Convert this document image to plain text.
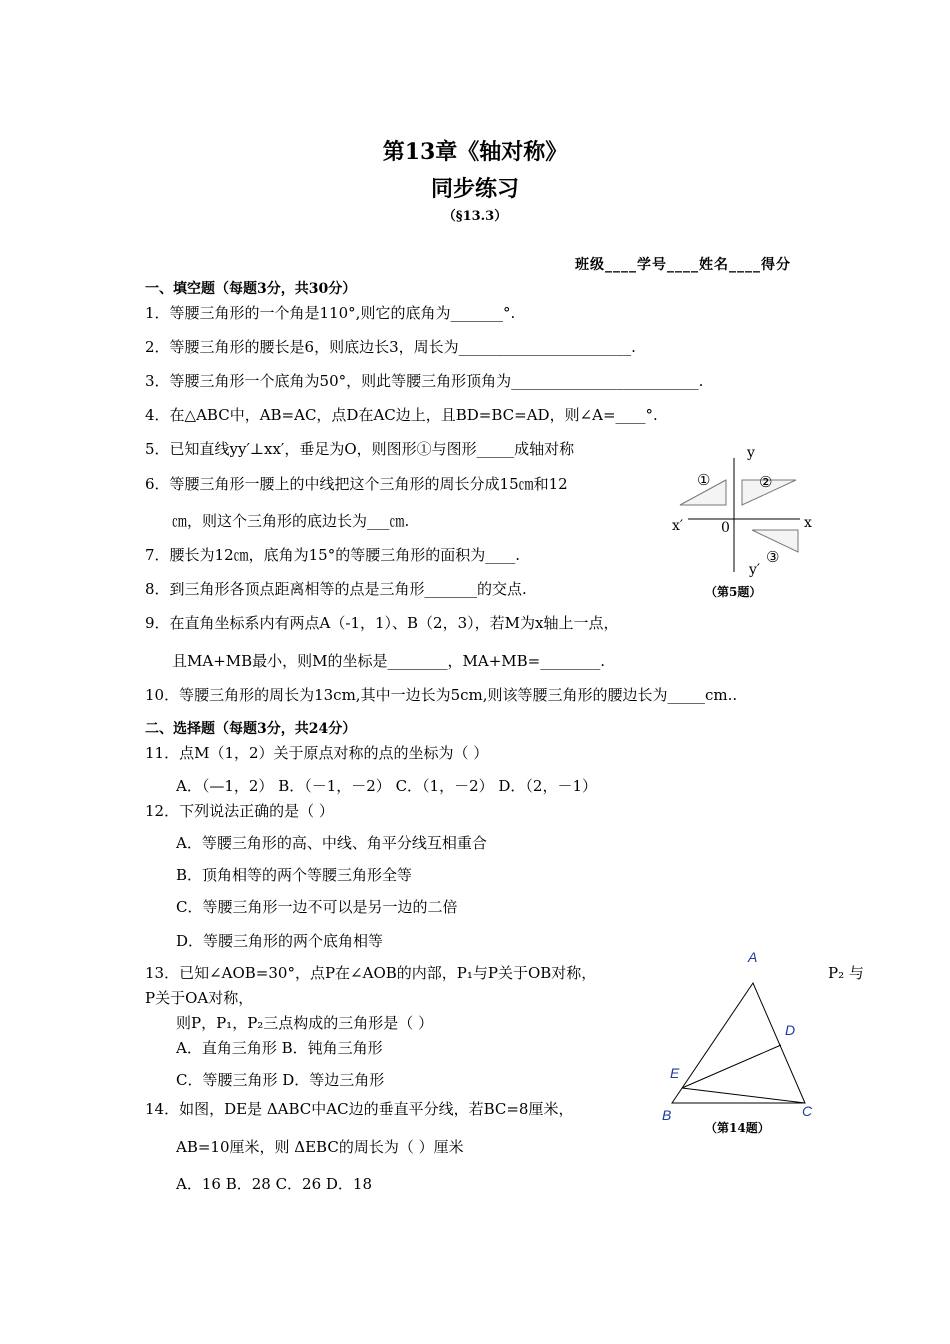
第13章《轴对称》
同步练习
（§13.3）
班级____学号____姓名____得分
一、填空题（每题3分，共30分）
1．等腰三角形的一个角是110°,则它的底角为_______°.
2．等腰三角形的腰长是6，则底边长3，周长为_______________________.
3．等腰三角形一个底角为50°，则此等腰三角形顶角为_________________________.
4．在△ABC中，AB=AC，点D在AC边上，且BD=BC=AD，则∠A=____°.
5．已知直线yy′⊥xx′，垂足为O，则图形①与图形_____成轴对称
6．等腰三角形一腰上的中线把这个三角形的周长分成15㎝和12
㎝，则这个三角形的底边长为___㎝.
7．腰长为12㎝，底角为15°的等腰三角形的面积为____.
8．到三角形各顶点距离相等的点是三角形_______的交点.
9．在直角坐标系内有两点A（-1，1）、B（2，3），若M为x轴上一点，
且MA+MB最小，则M的坐标是________，MA+MB=________.
10．等腰三角形的周长为13cm,其中一边长为5cm,则该等腰三角形的腰边长为_____cm..
y
x
x′	0
y′
①	②
③
（第5题）
二、选择题（每题3分，共24分）
11．点M（1，2）关于原点对称的点的坐标为（ ）
A．（—1，2） B．（－1，－2） C．（1，－2） D．（2，－1）
12．下列说法正确的是（ ）
A．等腰三角形的高、中线、角平分线互相重合
B．顶角相等的两个等腰三角形全等
C．等腰三角形一边不可以是另一边的二倍
D．等腰三角形的两个底角相等
13．已知∠AOB=30°，点P在∠AOB的内部，P₁与P关于OB对称，	P₂ 与
P关于OA对称，
则P，P₁，P₂三点构成的三角形是（ ）
A．直角三角形 B．钝角三角形
C．等腰三角形 D．等边三角形
14．如图，DE是 ΔABC中AC边的垂直平分线，若BC=8厘米，
AB=10厘米，则 ΔEBC的周长为（ ）厘米
A．16 B．28 C．26 D．18
A
D
E
B	C
（第14题）
